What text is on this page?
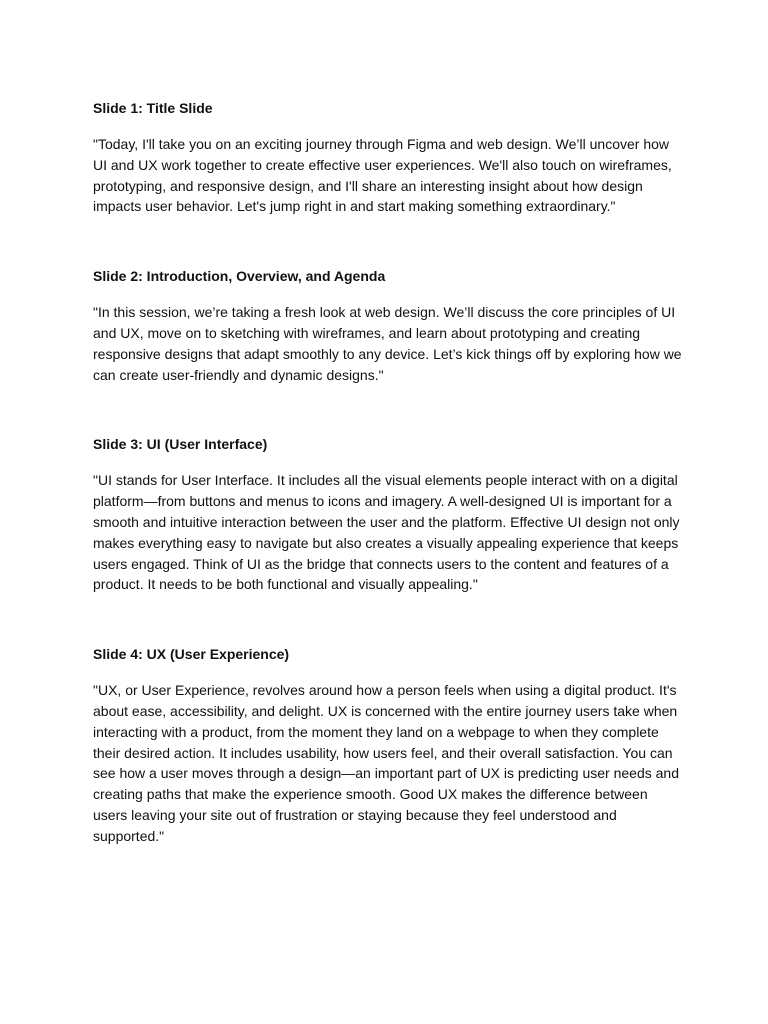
Slide 1: Title Slide

"Today, I'll take you on an exciting journey through Figma and web design. We’ll uncover how UI and UX work together to create effective user experiences. We'll also touch on wireframes, prototyping, and responsive design, and I'll share an interesting insight about how design impacts user behavior. Let's jump right in and start making something extraordinary."

Slide 2: Introduction, Overview, and Agenda

"In this session, we’re taking a fresh look at web design. We’ll discuss the core principles of UI and UX, move on to sketching with wireframes, and learn about prototyping and creating responsive designs that adapt smoothly to any device. Let’s kick things off by exploring how we can create user-friendly and dynamic designs."

Slide 3: UI (User Interface)

"UI stands for User Interface. It includes all the visual elements people interact with on a digital platform—from buttons and menus to icons and imagery. A well-designed UI is important for a smooth and intuitive interaction between the user and the platform. Effective UI design not only makes everything easy to navigate but also creates a visually appealing experience that keeps users engaged. Think of UI as the bridge that connects users to the content and features of a product. It needs to be both functional and visually appealing."

Slide 4: UX (User Experience)

"UX, or User Experience, revolves around how a person feels when using a digital product. It's about ease, accessibility, and delight. UX is concerned with the entire journey users take when interacting with a product, from the moment they land on a webpage to when they complete their desired action. It includes usability, how users feel, and their overall satisfaction. You can see how a user moves through a design—an important part of UX is predicting user needs and creating paths that make the experience smooth. Good UX makes the difference between users leaving your site out of frustration or staying because they feel understood and supported."
